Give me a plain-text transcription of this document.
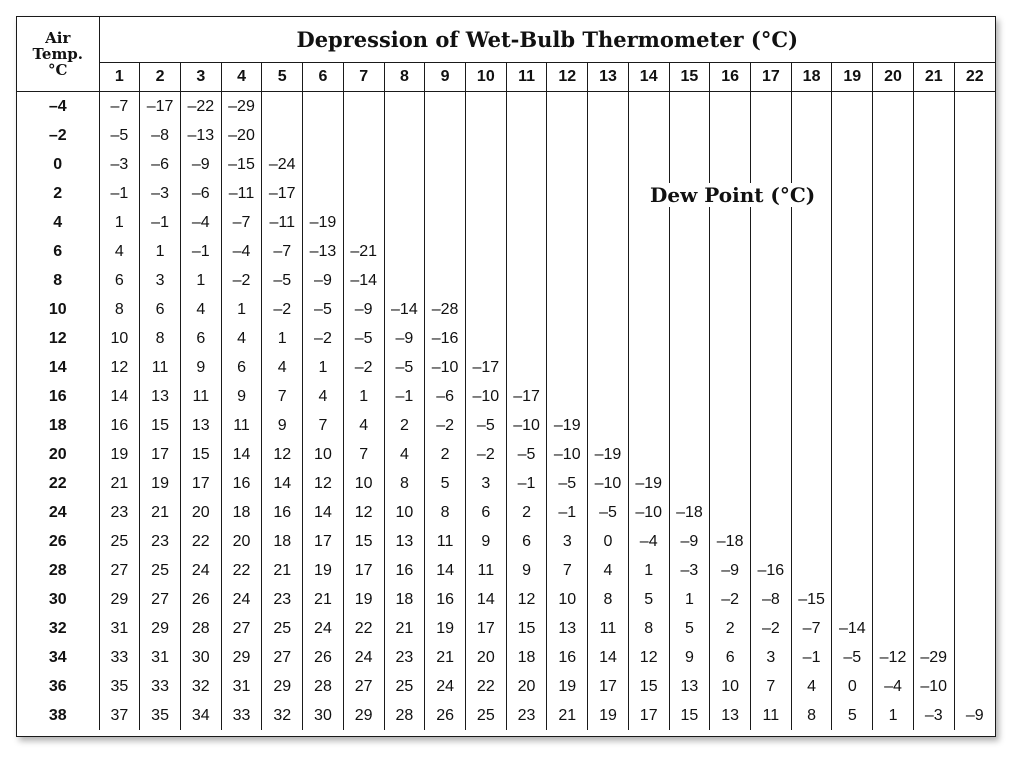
Air
Temp.
°C	Depression of Wet-Bulb Thermometer (°C)																					
	1	2	3	4	5	6	7	8	9	10	11	12	13	14	15	16	17	18	19	20	21	22
–4	–7	–17	–22	–29																		
–2	–5	–8	–13	–20																		
0	–3	–6	–9	–15	–24																	
2	–1	–3	–6	–11	–17																	
4	1	–1	–4	–7	–11	–19																
6	4	1	–1	–4	–7	–13	–21															
8	6	3	1	–2	–5	–9	–14															
10	8	6	4	1	–2	–5	–9	–14	–28													
12	10	8	6	4	1	–2	–5	–9	–16													
14	12	11	9	6	4	1	–2	–5	–10	–17												
16	14	13	11	9	7	4	1	–1	–6	–10	–17											
18	16	15	13	11	9	7	4	2	–2	–5	–10	–19										
20	19	17	15	14	12	10	7	4	2	–2	–5	–10	–19									
22	21	19	17	16	14	12	10	8	5	3	–1	–5	–10	–19								
24	23	21	20	18	16	14	12	10	8	6	2	–1	–5	–10	–18							
26	25	23	22	20	18	17	15	13	11	9	6	3	0	–4	–9	–18						
28	27	25	24	22	21	19	17	16	14	11	9	7	4	1	–3	–9	–16					
30	29	27	26	24	23	21	19	18	16	14	12	10	8	5	1	–2	–8	–15				
32	31	29	28	27	25	24	22	21	19	17	15	13	11	8	5	2	–2	–7	–14			
34	33	31	30	29	27	26	24	23	21	20	18	16	14	12	9	6	3	–1	–5	–12	–29	
36	35	33	32	31	29	28	27	25	24	22	20	19	17	15	13	10	7	4	0	–4	–10	
38	37	35	34	33	32	30	29	28	26	25	23	21	19	17	15	13	11	8	5	1	–3	–9
Dew Point (°C)
